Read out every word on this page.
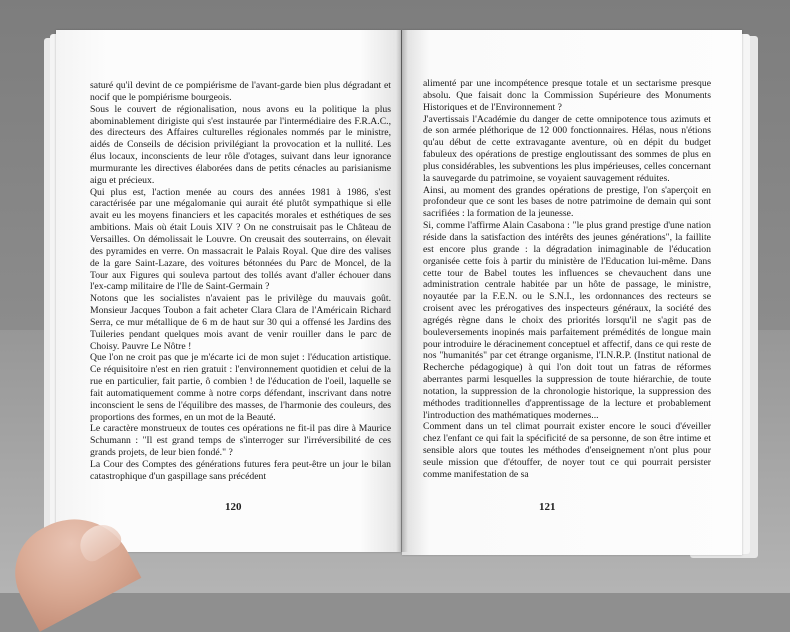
saturé qu'il devint de ce pompiérisme de l'avant-garde bien plus dégradant et nocif que le pompiérisme bourgeois.

Sous le couvert de régionalisation, nous avons eu la politique la plus abominablement dirigiste qui s'est instaurée par l'intermédiaire des F.R.A.C., des directeurs des Affaires culturelles régionales nommés par le ministre, aidés de Conseils de décision privilégiant la provocation et la nullité. Les élus locaux, inconscients de leur rôle d'otages, suivant dans leur ignorance murmurante les directives élaborées dans de petits cénacles au parisianisme aigu et précieux.

Qui plus est, l'action menée au cours des années 1981 à 1986, s'est caractérisée par une mégalomanie qui aurait été plutôt sympathique si elle avait eu les moyens financiers et les capacités morales et esthétiques de ses ambitions. Mais où était Louis XIV ? On ne construisait pas le Château de Versailles. On démolissait le Louvre. On creusait des souterrains, on élevait des pyramides en verre. On massacrait le Palais Royal. Que dire des valises de la gare Saint-Lazare, des voitures bétonnées du Parc de Moncel, de la Tour aux Figures qui souleva partout des tollés avant d'aller échouer dans l'ex-camp militaire de l'Ile de Saint-Germain ?

Notons que les socialistes n'avaient pas le privilège du mauvais goût. Monsieur Jacques Toubon a fait acheter Clara Clara de l'Américain Richard Serra, ce mur métallique de 6 m de haut sur 30 qui a offensé les Jardins des Tuileries pendant quelques mois avant de venir rouiller dans le parc de Choisy. Pauvre Le Nôtre !

Que l'on ne croit pas que je m'écarte ici de mon sujet : l'éducation artistique. Ce réquisitoire n'est en rien gratuit : l'environnement quotidien et celui de la rue en particulier, fait partie, ô combien ! de l'éducation de l'oeil, laquelle se fait automatiquement comme à notre corps défendant, inscrivant dans notre inconscient le sens de l'équilibre des masses, de l'harmonie des couleurs, des proportions des formes, en un mot de la Beauté.

Le caractère monstrueux de toutes ces opérations ne fit-il pas dire à Maurice Schumann : "Il est grand temps de s'interroger sur l'irréversibilité de ces grands projets, de leur bien fondé." ?

La Cour des Comptes des générations futures fera peut-être un jour le bilan catastrophique d'un gaspillage sans précédent

alimenté par une incompétence presque totale et un sectarisme presque absolu. Que faisait donc la Commission Supérieure des Monuments Historiques et de l'Environnement ?

J'avertissais l'Académie du danger de cette omnipotence tous azimuts et de son armée pléthorique de 12 000 fonctionnaires. Hélas, nous n'étions qu'au début de cette extravagante aventure, où en dépit du budget fabuleux des opérations de prestige engloutissant des sommes de plus en plus considérables, les subventions les plus impérieuses, celles concernant la sauvegarde du patrimoine, se voyaient sauvagement réduites.

Ainsi, au moment des grandes opérations de prestige, l'on s'aperçoit en profondeur que ce sont les bases de notre patrimoine de demain qui sont sacrifiées : la formation de la jeunesse.

Si, comme l'affirme Alain Casabona : "le plus grand prestige d'une nation réside dans la satisfaction des intérêts des jeunes générations", la faillite est encore plus grande : la dégradation inimaginable de l'éducation organisée cette fois à partir du ministère de l'Education lui-même. Dans cette tour de Babel toutes les influences se chevauchent dans une administration centrale habitée par un hôte de passage, le ministre, noyautée par la F.E.N. ou le S.N.I., les ordonnances des recteurs se croisent avec les prérogatives des inspecteurs généraux, la société des agrégés règne dans le choix des priorités lorsqu'il ne s'agit pas de bouleversements inopinés mais parfaitement prémédités de longue main pour introduire le déracinement conceptuel et affectif, dans ce qui reste de nos "humanités" par cet étrange organisme, l'I.N.R.P. (Institut national de Recherche pédagogique) à qui l'on doit tout un fatras de réformes aberrantes parmi lesquelles la suppression de toute hiérarchie, de toute notation, la suppression de la chronologie historique, la suppression des méthodes traditionnelles d'apprentissage de la lecture et probablement l'introduction des mathématiques modernes...

Comment dans un tel climat pourrait exister encore le souci d'éveiller chez l'enfant ce qui fait la spécificité de sa personne, de son être intime et sensible alors que toutes les méthodes d'enseignement n'ont plus pour seule mission que d'étouffer, de noyer tout ce qui pourrait persister comme manifestation de sa

120	121
